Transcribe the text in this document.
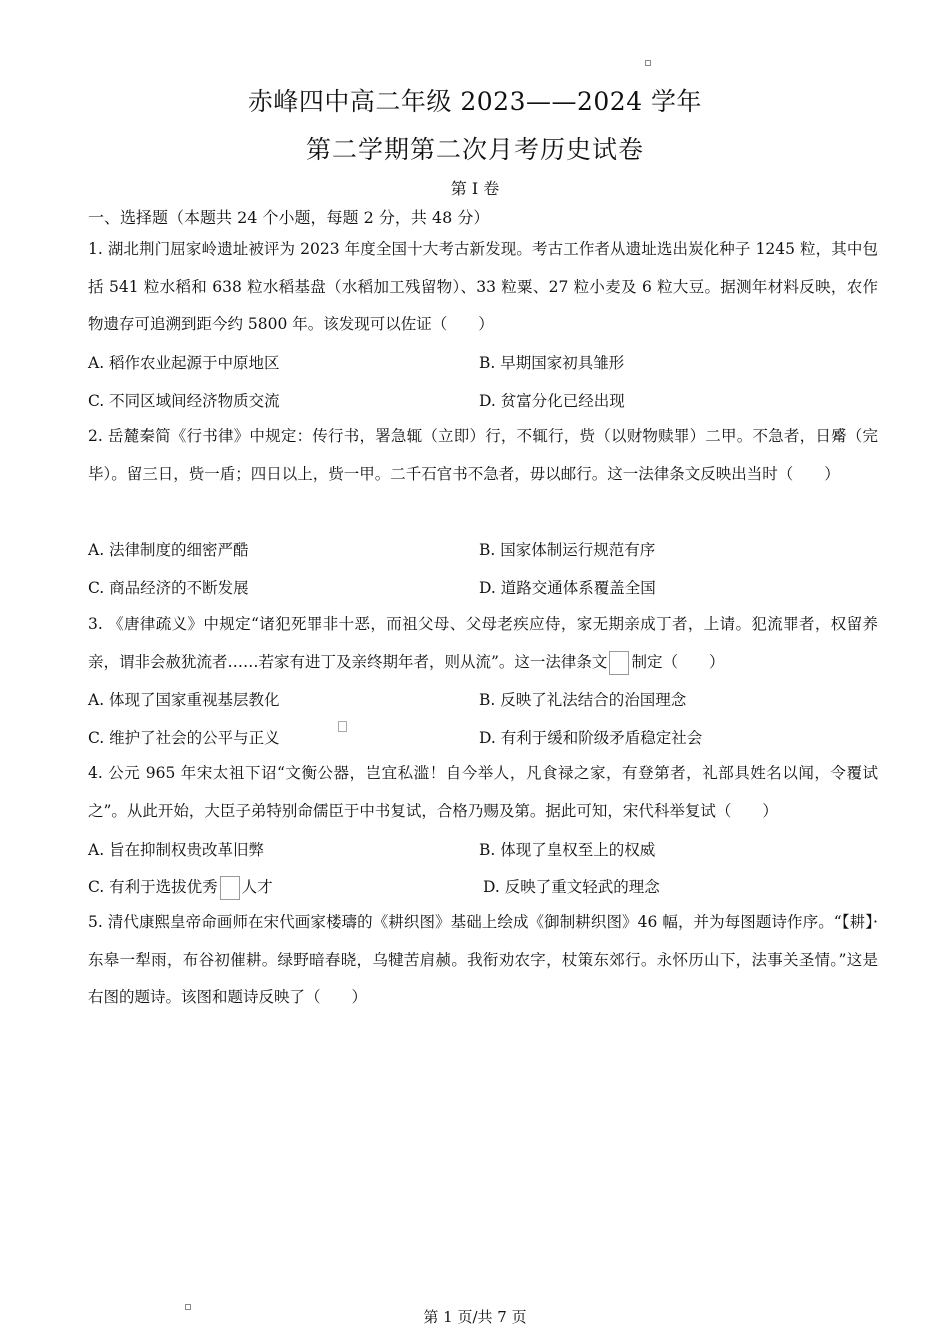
赤峰四中高二年级 2023——2024 学年
第二学期第二次月考历史试卷
第 I 卷
一、选择题（本题共 24 个小题，每题 2 分，共 48 分）
1. 湖北荆门屈家岭遗址被评为 2023 年度全国十大考古新发现。考古工作者从遗址选出炭化种子 1245 粒，其中包括 541 粒水稻和 638 粒水稻基盘（水稻加工残留物）、33 粒粟、27 粒小麦及 6 粒大豆。据测年材料反映，农作物遗存可追溯到距今约 5800 年。该发现可以佐证（　　）
A. 稻作农业起源于中原地区	B. 早期国家初具雏形
C. 不同区域间经济物质交流	D. 贫富分化已经出现
2. 岳麓秦简《行书律》中规定：传行书，署急辄（立即）行，不辄行，赀（以财物赎罪）二甲。不急者，日觱（完毕）。留三日，赀一盾；四日以上，赀一甲。二千石官书不急者，毋以邮行。这一法律条文反映出当时（　　）
A. 法律制度的细密严酷	B. 国家体制运行规范有序
C. 商品经济的不断发展	D. 道路交通体系覆盖全国
3. 《唐律疏义》中规定“诸犯死罪非十恶，而祖父母、父母老疾应侍，家无期亲成丁者，上请。犯流罪者，权留养亲，谓非会赦犹流者……若家有进丁及亲终期年者，则从流”。这一法律条文 制定（　　）
A. 体现了国家重视基层教化	B. 反映了礼法结合的治国理念
C. 维护了社会的公平与正义	D. 有利于缓和阶级矛盾稳定社会
4. 公元 965 年宋太祖下诏“文衡公器，岂宜私滥！自今举人，凡食禄之家，有登第者，礼部具姓名以闻，令覆试之”。从此开始，大臣子弟特别命儒臣于中书复试，合格乃赐及第。据此可知，宋代科举复试（　　）
A. 旨在抑制权贵改革旧弊	B. 体现了皇权至上的权威
C. 有利于选拔优秀 人才	D. 反映了重文轻武的理念
5. 清代康熙皇帝命画师在宋代画家楼璹的《耕织图》基础上绘成《御制耕织图》46 幅，并为每图题诗作序。“【耕】·东皋一犁雨，布谷初催耕。绿野暗春晓，乌犍苦肩赪。我衔劝农字，杖策东郊行。永怀历山下，法事关圣情。”这是右图的题诗。该图和题诗反映了（　　）
第 1 页/共 7 页
